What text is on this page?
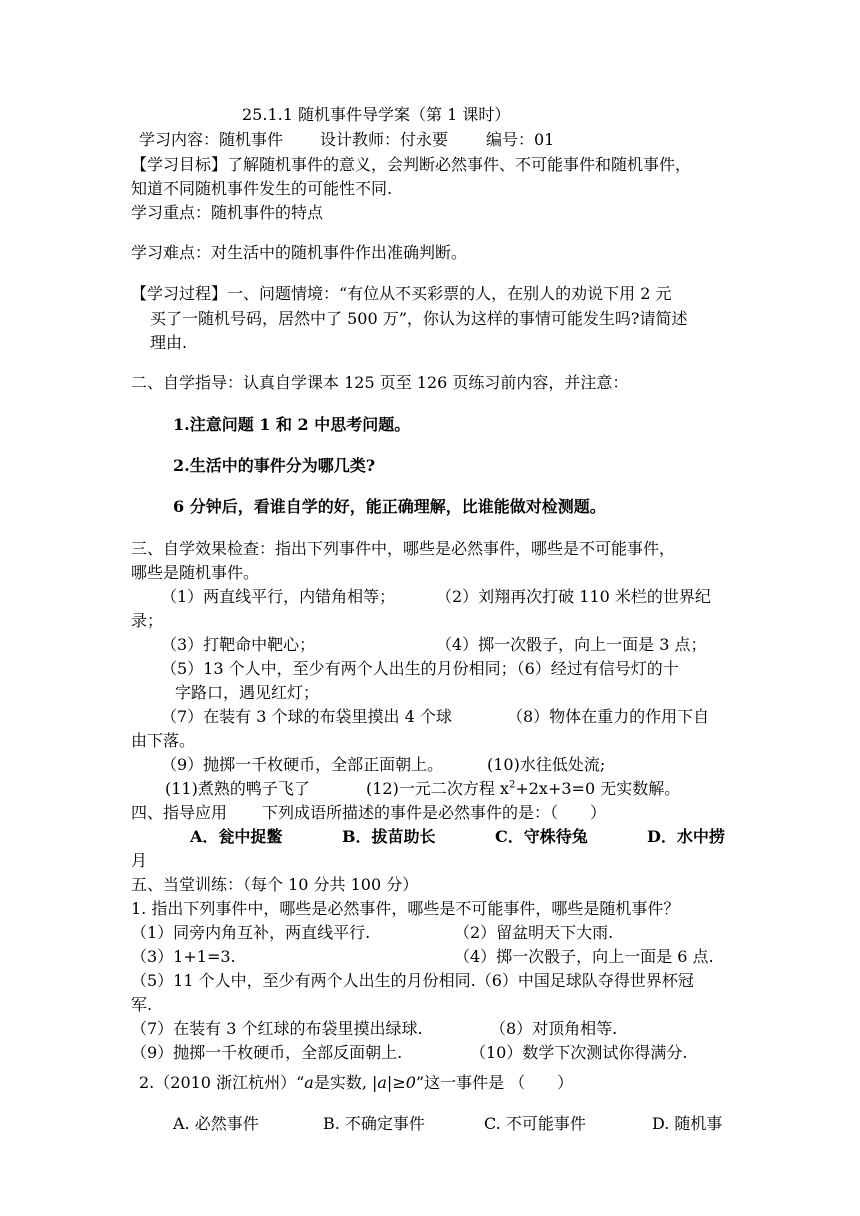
25.1.1 随机事件导学案（第 1 课时）
学习内容：随机事件 设计教师：付永要 编号：01
【学习目标】了解随机事件的意义，会判断必然事件、不可能事件和随机事件，
知道不同随机事件发生的可能性不同.
学习重点：随机事件的特点
学习难点：对生活中的随机事件作出准确判断。
【学习过程】一、问题情境：“有位从不买彩票的人，在别人的劝说下用 2 元
买了一随机号码，居然中了 500 万”，你认为这样的事情可能发生吗?请简述
理由.
二、自学指导：认真自学课本 125 页至 126 页练习前内容，并注意：
1.注意问题 1 和 2 中思考问题。
2.生活中的事件分为哪几类?
6 分钟后，看谁自学的好，能正确理解，比谁能做对检测题。
三、自学效果检查：指出下列事件中，哪些是必然事件，哪些是不可能事件，
哪些是随机事件。
（1）两直线平行，内错角相等；	（2）刘翔再次打破 110 米栏的世界纪
录；
（3）打靶命中靶心；	（4）掷一次骰子，向上一面是 3 点；
（5）13 个人中，至少有两个人出生的月份相同；（6）经过有信号灯的十
字路口，遇见红灯；
（7）在装有 3 个球的布袋里摸出 4 个球	（8）物体在重力的作用下自
由下落。
（9）抛掷一千枚硬币，全部正面朝上。	(10)水往低处流;
(11)煮熟的鸭子飞了	(12)一元二次方程 $x^2+2x+3=0$ 无实数解。
四、指导应用 下列成语所描述的事件是必然事件的是：（　　）
A．瓮中捉鳖	B．拔苗助长	C．守株待兔	D．水中捞
月
五、当堂训练：（每个 10 分共 100 分）
1. 指出下列事件中，哪些是必然事件，哪些是不可能事件，哪些是随机事件？
（1）同旁内角互补，两直线平行.	（2）留盆明天下大雨.
（3）1+1=3.	（4）掷一次骰子，向上一面是 6 点.
（5）11 个人中，至少有两个人出生的月份相同.（6）中国足球队夺得世界杯冠
军.
（7）在装有 3 个红球的布袋里摸出绿球.	（8）对顶角相等.
（9）抛掷一千枚硬币，全部反面朝上.	（10）数学下次测试你得满分.
2.（2010 浙江杭州）“a是实数, |a|≥0”这一事件是 （　　）
A. 必然事件	B. 不确定事件	C. 不可能事件	D. 随机事
